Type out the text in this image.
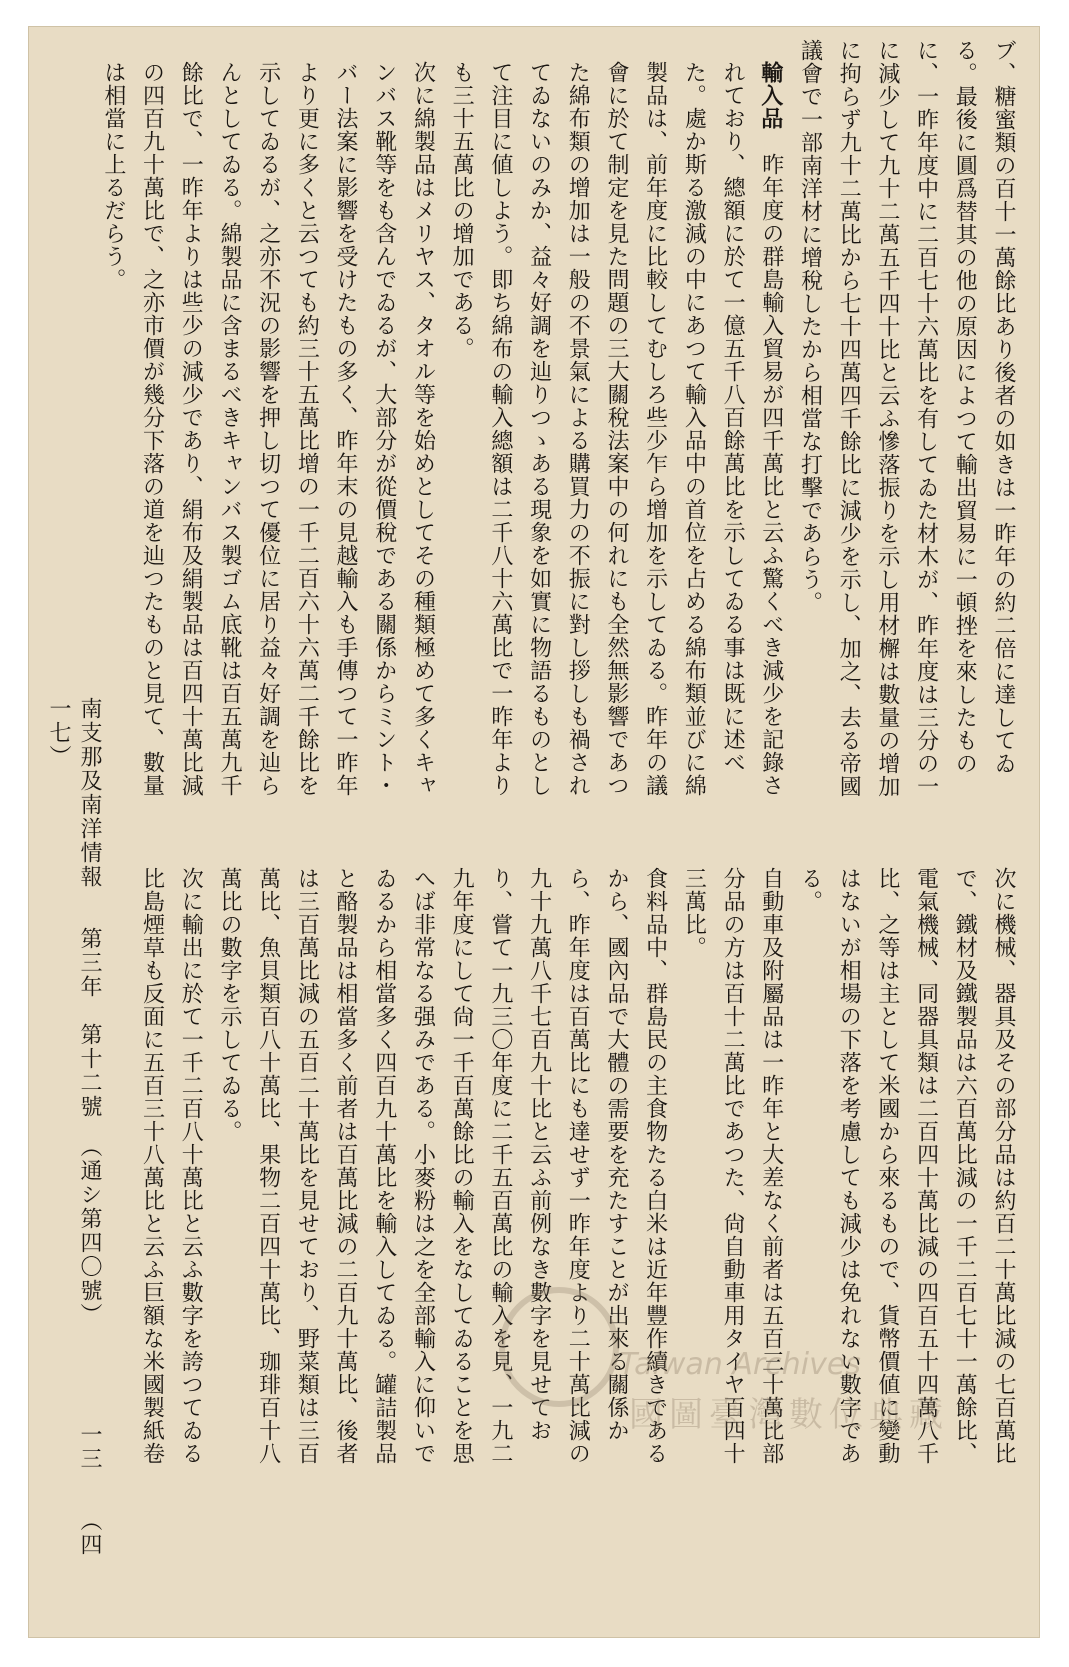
ブ、糖蜜類の百十一萬餘比あり後者の如きは一昨年の約二倍に達してゐる。最後に圓爲替其の他の原因によつて輸出貿易に一頓挫を來したものに、一昨年度中に二百七十六萬比を有してゐた材木が、昨年度は三分の一に減少して九十二萬五千四十比と云ふ慘落振りを示し用材檞は數量の增加に拘らず九十二萬比から七十四萬四千餘比に減少を示し、加之、去る帝國議會で一部南洋材に增稅したから相當な打擊であらう。

輸入品　昨年度の群島輸入貿易が四千萬比と云ふ驚くべき減少を記錄されており、總額に於て一億五千八百餘萬比を示してゐる事は既に述べた。處か斯る激減の中にあつて輸入品中の首位を占める綿布類並びに綿製品は、前年度に比較してむしろ些少乍ら增加を示してゐる。昨年の議會に於て制定を見た問題の三大關稅法案中の何れにも全然無影響であつた綿布類の增加は一般の不景氣による購買力の不振に對し拶しも禍されてゐないのみか、益々好調を辿りつゝある現象を如實に物語るものとして注目に値しよう。即ち綿布の輸入總額は二千八十六萬比で一昨年よりも三十五萬比の增加である。

次に綿製品はメリヤス、タオル等を始めとしてその種類極めて多くキャンバス靴等をも含んでゐるが、大部分が從價稅である關係からミント・バー法案に影響を受けたもの多く、昨年末の見越輸入も手傳つて一昨年より更に多くと云つても約三十五萬比增の一千二百六十六萬二千餘比を示してゐるが、之亦不況の影響を押し切つて優位に居り益々好調を辿らんとしてゐる。綿製品に含まるべきキャンバス製ゴム底靴は百五萬九千餘比で、一昨年よりは些少の減少であり、絹布及絹製品は百四十萬比減の四百九十萬比で、之亦市價が幾分下落の道を辿つたものと見て、數量は相當に上るだらう。

次に機械、器具及その部分品は約百二十萬比減の七百萬比で、鐵材及鐵製品は六百萬比減の一千二百七十一萬餘比、電氣機械、同器具類は二百四十萬比減の四百五十四萬八千比、之等は主として米國から來るもので、貨幣價値に變動はないが相場の下落を考慮しても減少は免れない數字である。

自動車及附屬品は一昨年と大差なく前者は五百三十萬比部分品の方は百十二萬比であつた、尙自動車用タイヤ百四十三萬比。

食料品中、群島民の主食物たる白米は近年豐作續きであるから、國內品で大體の需要を充たすことが出來る關係から、昨年度は百萬比にも達せず一昨年度より二十萬比減の九十九萬八千七百九十比と云ふ前例なき數字を見せており、嘗て一九三〇年度に二千五百萬比の輸入を見、一九二九年度にして尙一千百萬餘比の輸入をなしてゐることを思へば非常なる强みである。小麥粉は之を全部輸入に仰いでゐるから相當多く四百九十萬比を輸入してゐる。罐詰製品と酪製品は相當多く前者は百萬比減の二百九十萬比、後者は三百萬比減の五百二十萬比を見せており、野菜類は三百萬比、魚貝類百八十萬比、果物二百四十萬比、珈琲百十八萬比の數字を示してゐる。

次に輸出に於て一千二百八十萬比と云ふ數字を誇つてゐる比島煙草も反面に五百三十八萬比と云ふ巨額な米國製紙卷

南支那及南洋情報第三年第十二號（通シ第四〇號）一三（四一七）
Taiwan Archives
國圖臺灣數位典藏
